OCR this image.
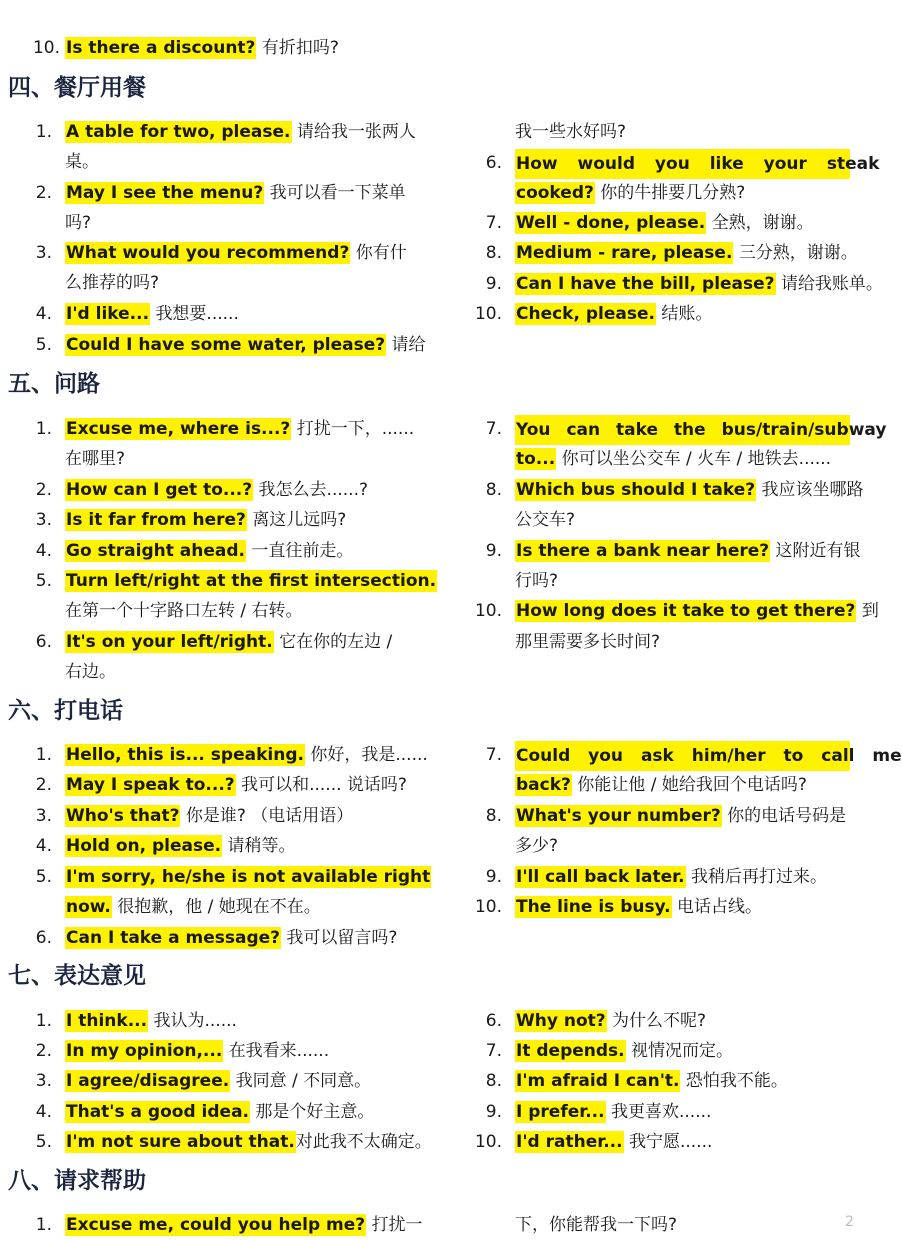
10. Is there a discount? 有折扣吗?
四、餐厅用餐
1. A table for two, please. 请给我一张两人
桌。
2. May I see the menu? 我可以看一下菜单
吗?
3. What would you recommend? 你有什
么推荐的吗?
4. I'd like... 我想要......
5. Could I have some water, please? 请给
我一些水好吗?
6. How would you like your steak
cooked? 你的牛排要几分熟?
7. Well - done, please. 全熟，谢谢。
8. Medium - rare, please. 三分熟，谢谢。
9. Can I have the bill, please? 请给我账单。
10. Check, please. 结账。
五、问路
1. Excuse me, where is...? 打扰一下，......
在哪里?
2. How can I get to...? 我怎么去......?
3. Is it far from here? 离这儿远吗?
4. Go straight ahead. 一直往前走。
5. Turn left/right at the first intersection.
在第一个十字路口左转 / 右转。
6. It's on your left/right. 它在你的左边 /
右边。
7. You can take the bus/train/subway
to... 你可以坐公交车 / 火车 / 地铁去......
8. Which bus should I take? 我应该坐哪路
公交车?
9. Is there a bank near here? 这附近有银
行吗?
10. How long does it take to get there? 到
那里需要多长时间?
六、打电话
1. Hello, this is... speaking. 你好，我是......
2. May I speak to...? 我可以和...... 说话吗?
3. Who's that? 你是谁? （电话用语）
4. Hold on, please. 请稍等。
5. I'm sorry, he/she is not available right
now. 很抱歉，他 / 她现在不在。
6. Can I take a message? 我可以留言吗?
7. Could you ask him/her to call me
back? 你能让他 / 她给我回个电话吗?
8. What's your number? 你的电话号码是
多少?
9. I'll call back later. 我稍后再打过来。
10. The line is busy. 电话占线。
七、表达意见
1. I think... 我认为......
2. In my opinion,... 在我看来......
3. I agree/disagree. 我同意 / 不同意。
4. That's a good idea. 那是个好主意。
5. I'm not sure about that.对此我不太确定。
6. Why not? 为什么不呢?
7. It depends. 视情况而定。
8. I'm afraid I can't. 恐怕我不能。
9. I prefer... 我更喜欢......
10. I'd rather... 我宁愿......
八、请求帮助
1. Excuse me, could you help me? 打扰一	下，你能帮我一下吗?	2
